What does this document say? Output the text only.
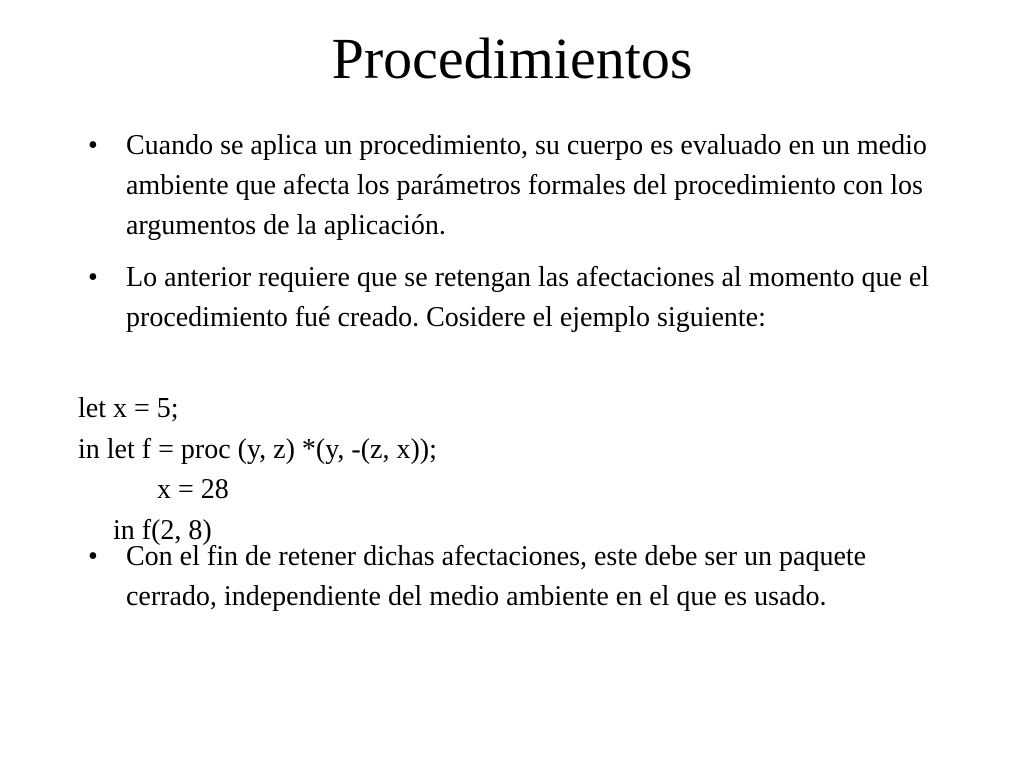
Procedimientos
•	Cuando se aplica un procedimiento, su cuerpo es evaluado en un medio ambiente que afecta los parámetros formales del procedimiento con los argumentos de la aplicación.
•	Lo anterior requiere que se retengan las afectaciones al momento que el procedimiento fué creado. Cosidere el ejemplo siguiente:
let x = 5;
in let f = proc (y, z) *(y, -(z, x));
x = 28
in f(2, 8)
•	Con el fin de retener dichas afectaciones, este debe ser un paquete cerrado, independiente del medio ambiente en el que es usado.
